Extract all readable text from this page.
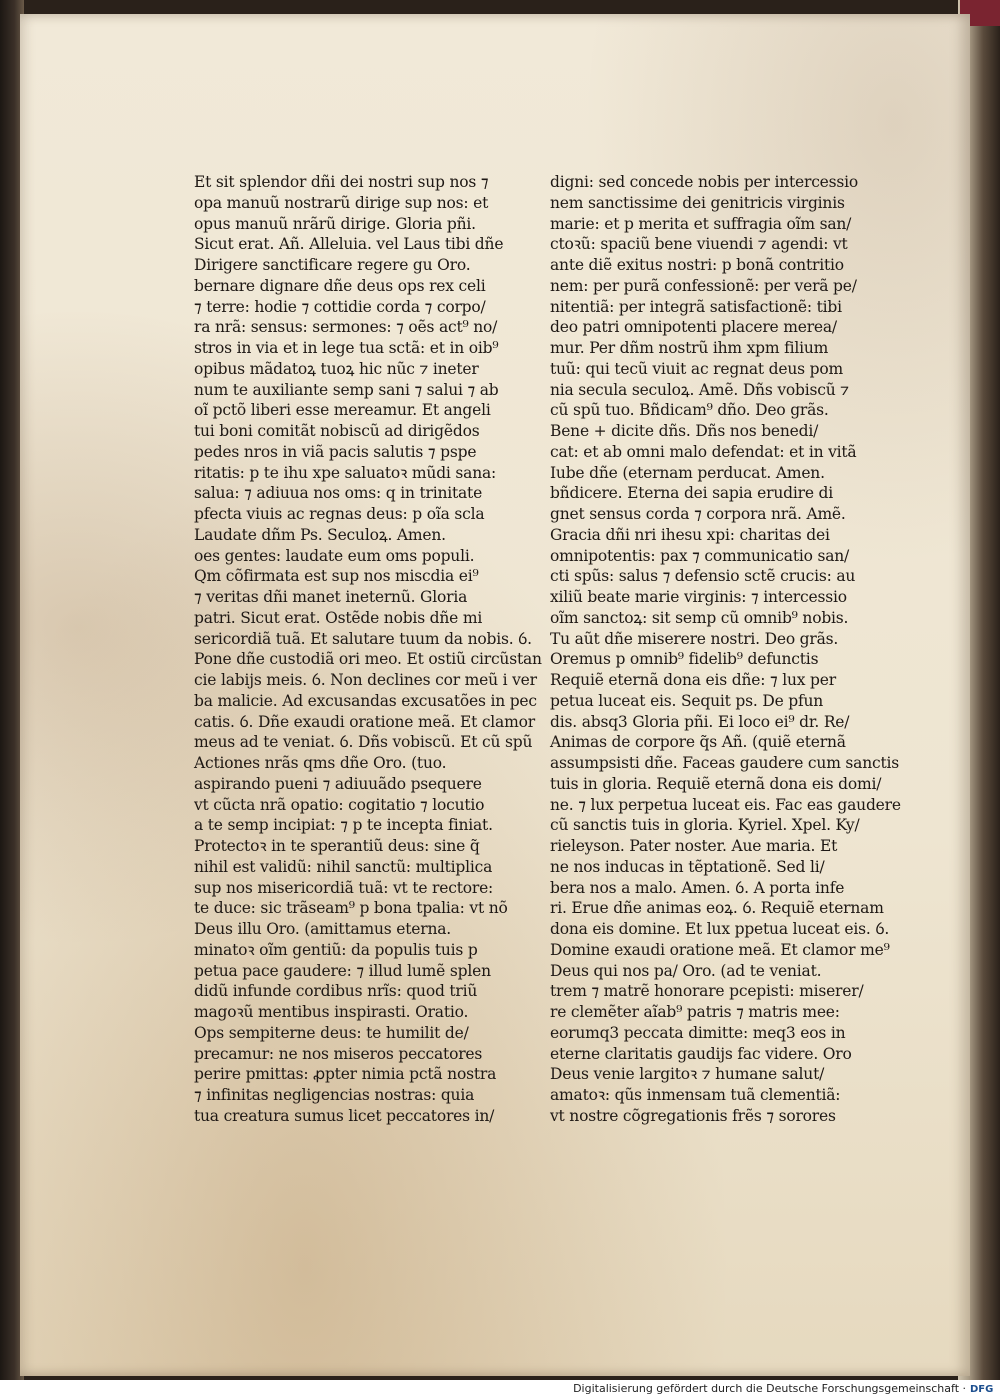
Et sit splendor dñi dei nostri sup nos ⁊
opa manuũ nostrarũ dirige sup nos: et
opus manuũ nrãrũ dirige. Gloria pñi.
Sicut erat. Añ. Alleluia. vel Laus tibi dñe
Dirigere sanctificare regere gu Oro.
bernare dignare dñe deus ops rex celi
⁊ terre: hodie ⁊ cottidie corda ⁊ corpo/
ra nrã: sensus: sermones: ⁊ oẽs act⁹ no/
stros in via et in lege tua sctã: et in oib⁹
opibus mãdatoꝝ tuoꝝ hic nũc ⁊ ineter
num te auxiliante semp sani ⁊ salui ⁊ ab
oĩ pctõ liberi esse mereamur. Et angeli
tui boni comitãt nobiscũ ad dirigẽdos
pedes nros in viã pacis salutis ⁊ pspe
ritatis: p te ihu xpe saluatoꝛ mũdi sana:
salua: ⁊ adiuua nos oms: q in trinitate
pfecta viuis ac regnas deus: p oĩa scla
Laudate dñm Ps. Seculoꝝ. Amen.
oes gentes: laudate eum oms populi.
Qm cõfirmata est sup nos miscdia ei⁹
⁊ veritas dñi manet ineternũ. Gloria
patri. Sicut erat. Ostẽde nobis dñe mi
sericordiã tuã. Et salutare tuum da nobis. ỽ.
Pone dñe custodiã ori meo. Et ostiũ circũstan
cie labijs meis. ỽ. Non declines cor meũ i ver
ba malicie. Ad excusandas excusatões in pec
catis. ỽ. Dñe exaudi oratione meã. Et clamor
meus ad te veniat. ỽ. Dñs vobiscũ. Et cũ spũ
Actiones nrãs qms dñe Oro. (tuo.
aspirando pueni ⁊ adiuuãdo psequere
vt cũcta nrã opatio: cogitatio ⁊ locutio
a te semp incipiat: ⁊ p te incepta finiat.
Protectoꝛ in te sperantiũ deus: sine q̃
nihil est validũ: nihil sanctũ: multiplica
sup nos misericordiã tuã: vt te rectore:
te duce: sic trãseam⁹ p bona tpalia: vt nõ
Deus illu Oro. (amittamus eterna.
minatoꝛ oĩm gentiũ: da populis tuis p
petua pace gaudere: ⁊ illud lumẽ splen
didũ infunde cordibus nrĩs: quod triũ
magoꝛũ mentibus inspirasti. Oratio.
Ops sempiterne deus: te humilit de/
precamur: ne nos miseros peccatores
perire pmittas: ꝓpter nimia pctã nostra
⁊ infinitas negligencias nostras: quia
tua creatura sumus licet peccatores in/
digni: sed concede nobis per intercessio
nem sanctissime dei genitricis virginis
marie: et p merita et suffragia oĩm san/
ctoꝛũ: spaciũ bene viuendi ⁊ agendi: vt
ante diẽ exitus nostri: p bonã contritio
nem: per purã confessionẽ: per verã pe/
nitentiã: per integrã satisfactionẽ: tibi
deo patri omnipotenti placere merea/
mur. Per dñm nostrũ ihm xpm filium
tuũ: qui tecũ viuit ac regnat deus pom
nia secula seculoꝝ. Amẽ. Dñs vobiscũ ⁊
cũ spũ tuo. Bñdicam⁹ dño. Deo grãs.
Bene + dicite dñs. Dñs nos benedi/
cat: et ab omni malo defendat: et in vitã
Iube dñe (eternam perducat. Amen.
bñdicere. Eterna dei sapia erudire di
gnet sensus corda ⁊ corpora nrã. Amẽ.
Gracia dñi nri ihesu xpi: charitas dei
omnipotentis: pax ⁊ communicatio san/
cti spũs: salus ⁊ defensio sctẽ crucis: au
xiliũ beate marie virginis: ⁊ intercessio
oĩm sanctoꝝ: sit semp cũ omnib⁹ nobis.
Tu aũt dñe miserere nostri. Deo grãs.
Oremus p omnib⁹ fidelib⁹ defunctis
Requiẽ eternã dona eis dñe: ⁊ lux per
petua luceat eis. Sequit ps. De pfun
dis. absq3 Gloria pñi. Ei loco ei⁹ dr. Re/
Animas de corpore q̃s Añ. (quiẽ eternã
assumpsisti dñe. Faceas gaudere cum sanctis
tuis in gloria. Requiẽ eternã dona eis domi/
ne. ⁊ lux perpetua luceat eis. Fac eas gaudere
cũ sanctis tuis in gloria. Kyriel. Xpel. Ky/
rieleyson. Pater noster. Aue maria. Et
ne nos inducas in tẽptationẽ. Sed li/
bera nos a malo. Amen. ỽ. A porta infe
ri. Erue dñe animas eoꝝ. ỽ. Requiẽ eternam
dona eis domine. Et lux ppetua luceat eis. ỽ.
Domine exaudi oratione meã. Et clamor me⁹
Deus qui nos pa/ Oro. (ad te veniat.
trem ⁊ matrẽ honorare pcepisti: miserer/
re clemẽter aĩab⁹ patris ⁊ matris mee:
eorumq3 peccata dimitte: meq3 eos in
eterne claritatis gaudijs fac videre. Oro
Deus venie largitoꝛ ⁊ humane salut/
amatoꝛ: qũs inmensam tuã clementiã:
vt nostre cõgregationis frẽs ⁊ sorores
Digitalisierung gefördert durch die Deutsche Forschungsgemeinschaft · DFG
